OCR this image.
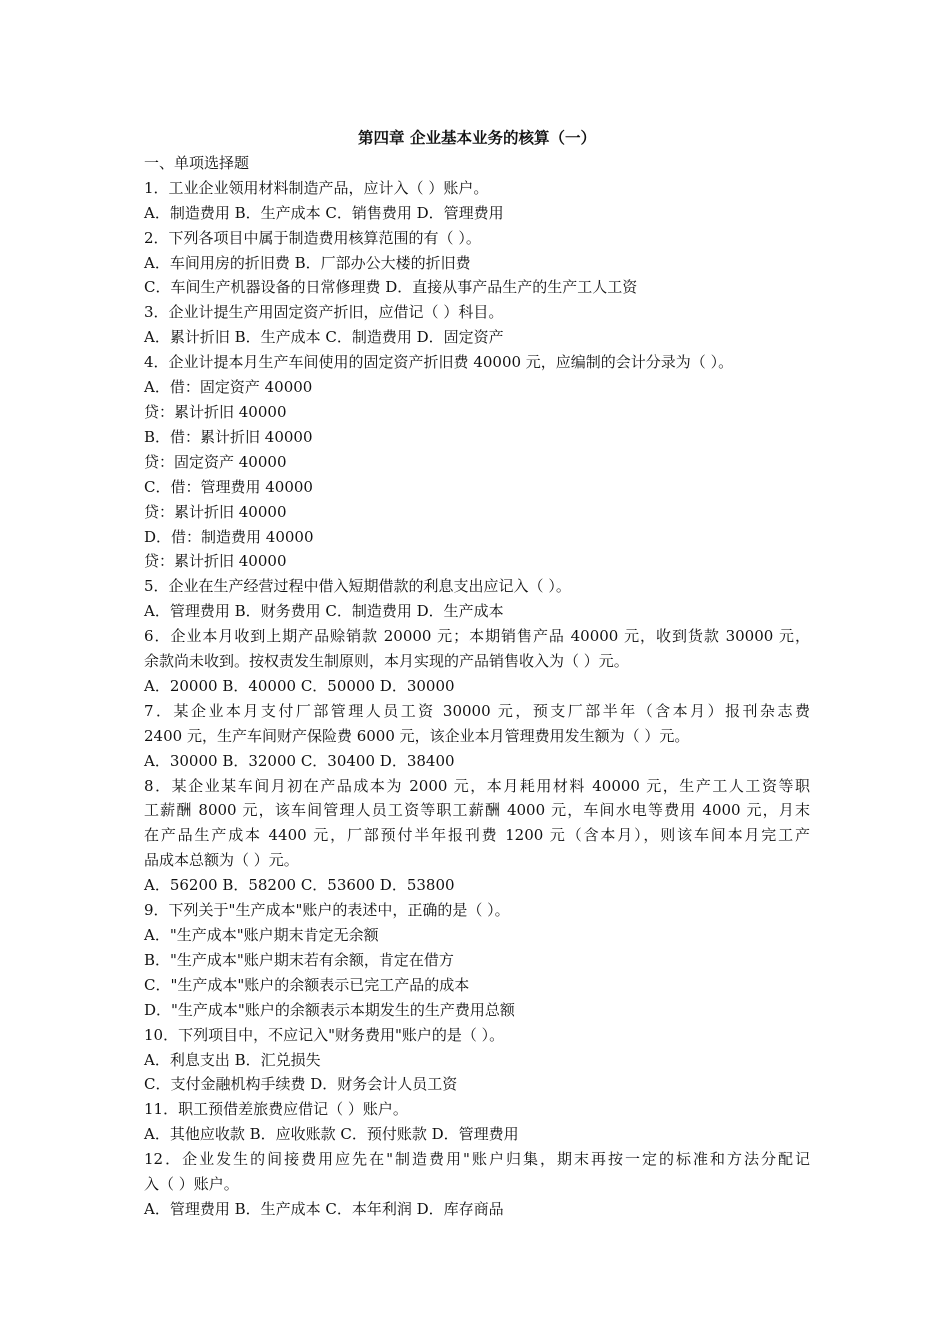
第四章 企业基本业务的核算（一）

一、单项选择题

1．工业企业领用材料制造产品，应计入（ ）账户。

A．制造费用 B．生产成本 C．销售费用 D．管理费用

2．下列各项目中属于制造费用核算范围的有（ ）。

A．车间用房的折旧费 B．厂部办公大楼的折旧费

C．车间生产机器设备的日常修理费 D．直接从事产品生产的生产工人工资

3．企业计提生产用固定资产折旧，应借记（ ）科目。

A．累计折旧 B．生产成本 C．制造费用 D．固定资产

4．企业计提本月生产车间使用的固定资产折旧费 40000 元，应编制的会计分录为（ ）。

A．借：固定资产 40000

贷：累计折旧 40000

B．借：累计折旧 40000

贷：固定资产 40000

C．借：管理费用 40000

贷：累计折旧 40000

D．借：制造费用 40000

贷：累计折旧 40000

5．企业在生产经营过程中借入短期借款的利息支出应记入（ ）。

A．管理费用 B．财务费用 C．制造费用 D．生产成本

6．企业本月收到上期产品赊销款 20000 元；本期销售产品 40000 元，收到货款 30000 元，

余款尚未收到。按权责发生制原则，本月实现的产品销售收入为（ ）元。

A．20000 B．40000 C．50000 D．30000

7．某企业本月支付厂部管理人员工资 30000 元，预支厂部半年（含本月）报刊杂志费

2400 元，生产车间财产保险费 6000 元，该企业本月管理费用发生额为（ ）元。

A．30000 B．32000 C．30400 D．38400

8．某企业某车间月初在产品成本为 2000 元，本月耗用材料 40000 元，生产工人工资等职

工薪酬 8000 元，该车间管理人员工资等职工薪酬 4000 元，车间水电等费用 4000 元，月末

在产品生产成本 4400 元，厂部预付半年报刊费 1200 元（含本月），则该车间本月完工产

品成本总额为（ ）元。

A．56200 B．58200 C．53600 D．53800

9．下列关于"生产成本"账户的表述中，正确的是（ ）。

A．"生产成本"账户期末肯定无余额

B．"生产成本"账户期末若有余额，肯定在借方

C．"生产成本"账户的余额表示已完工产品的成本

D．"生产成本"账户的余额表示本期发生的生产费用总额

10．下列项目中，不应记入"财务费用"账户的是（ ）。

A．利息支出 B．汇兑损失

C．支付金融机构手续费 D．财务会计人员工资

11．职工预借差旅费应借记（ ）账户。

A．其他应收款 B．应收账款 C．预付账款 D．管理费用

12．企业发生的间接费用应先在"制造费用"账户归集，期末再按一定的标准和方法分配记

入（ ）账户。

A．管理费用 B．生产成本 C．本年利润 D．库存商品
